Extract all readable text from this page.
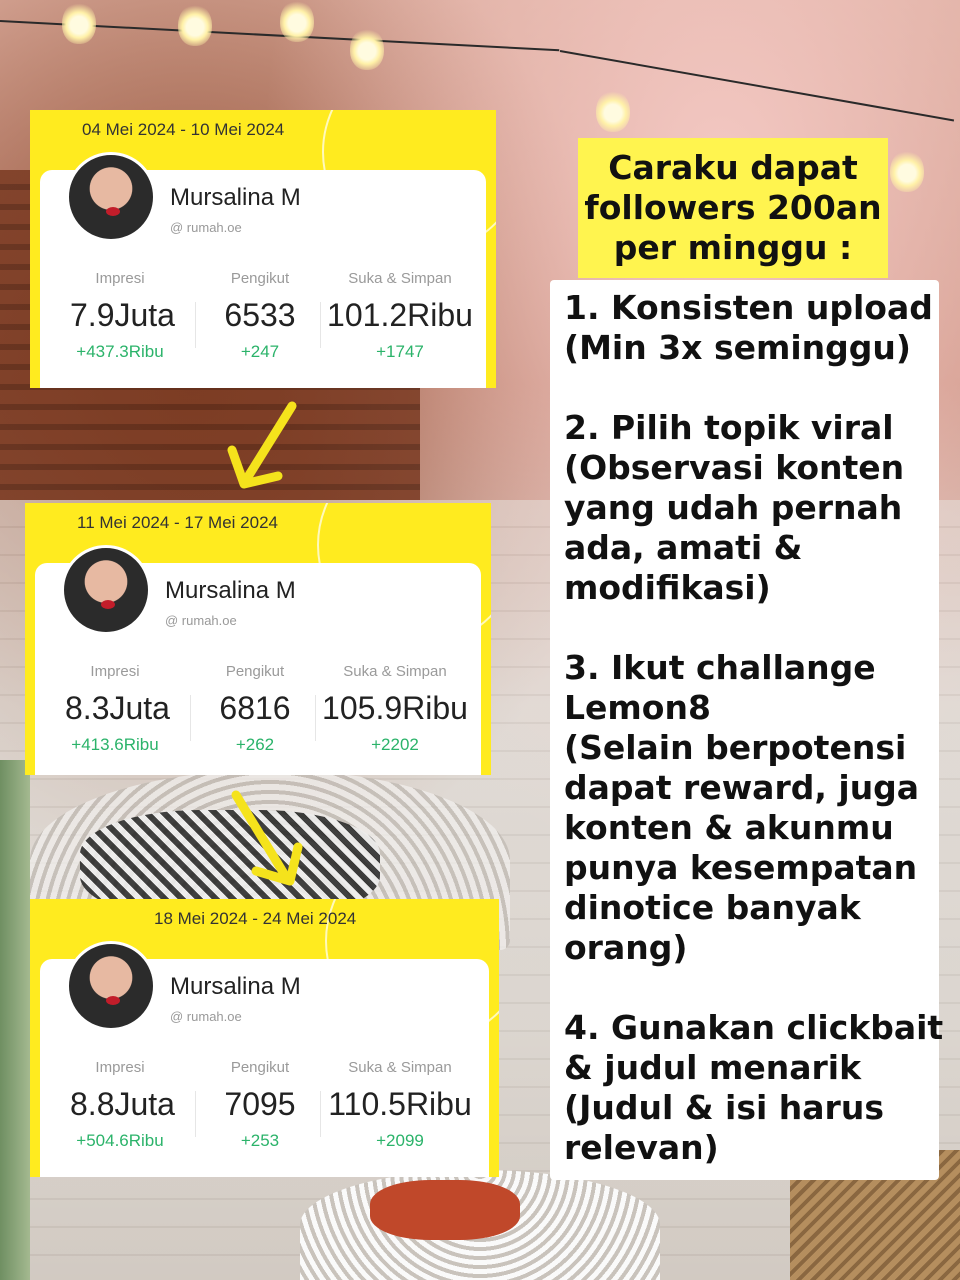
04 Mei 2024 - 10 Mei 2024
Mursalina M
@ rumah.oe
Impresi
7.9Juta
+437.3Ribu
Pengikut
6533
+247
Suka & Simpan
101.2Ribu
+1747
11 Mei 2024 - 17 Mei 2024
Mursalina M
@ rumah.oe
Impresi
8.3Juta
+413.6Ribu
Pengikut
6816
+262
Suka & Simpan
105.9Ribu
+2202
18 Mei 2024 - 24 Mei 2024
Mursalina M
@ rumah.oe
Impresi
8.8Juta
+504.6Ribu
Pengikut
7095
+253
Suka & Simpan
110.5Ribu
+2099
Caraku dapat
followers 200an
per minggu :
1. Konsisten upload
(Min 3x seminggu)
2. Pilih topik viral
(Observasi konten
yang udah pernah
ada, amati &
modifikasi)
3. Ikut challange
Lemon8
(Selain berpotensi
dapat reward, juga
konten & akunmu
punya kesempatan
dinotice banyak
orang)
4. Gunakan clickbait
& judul menarik
(Judul & isi harus
relevan)
